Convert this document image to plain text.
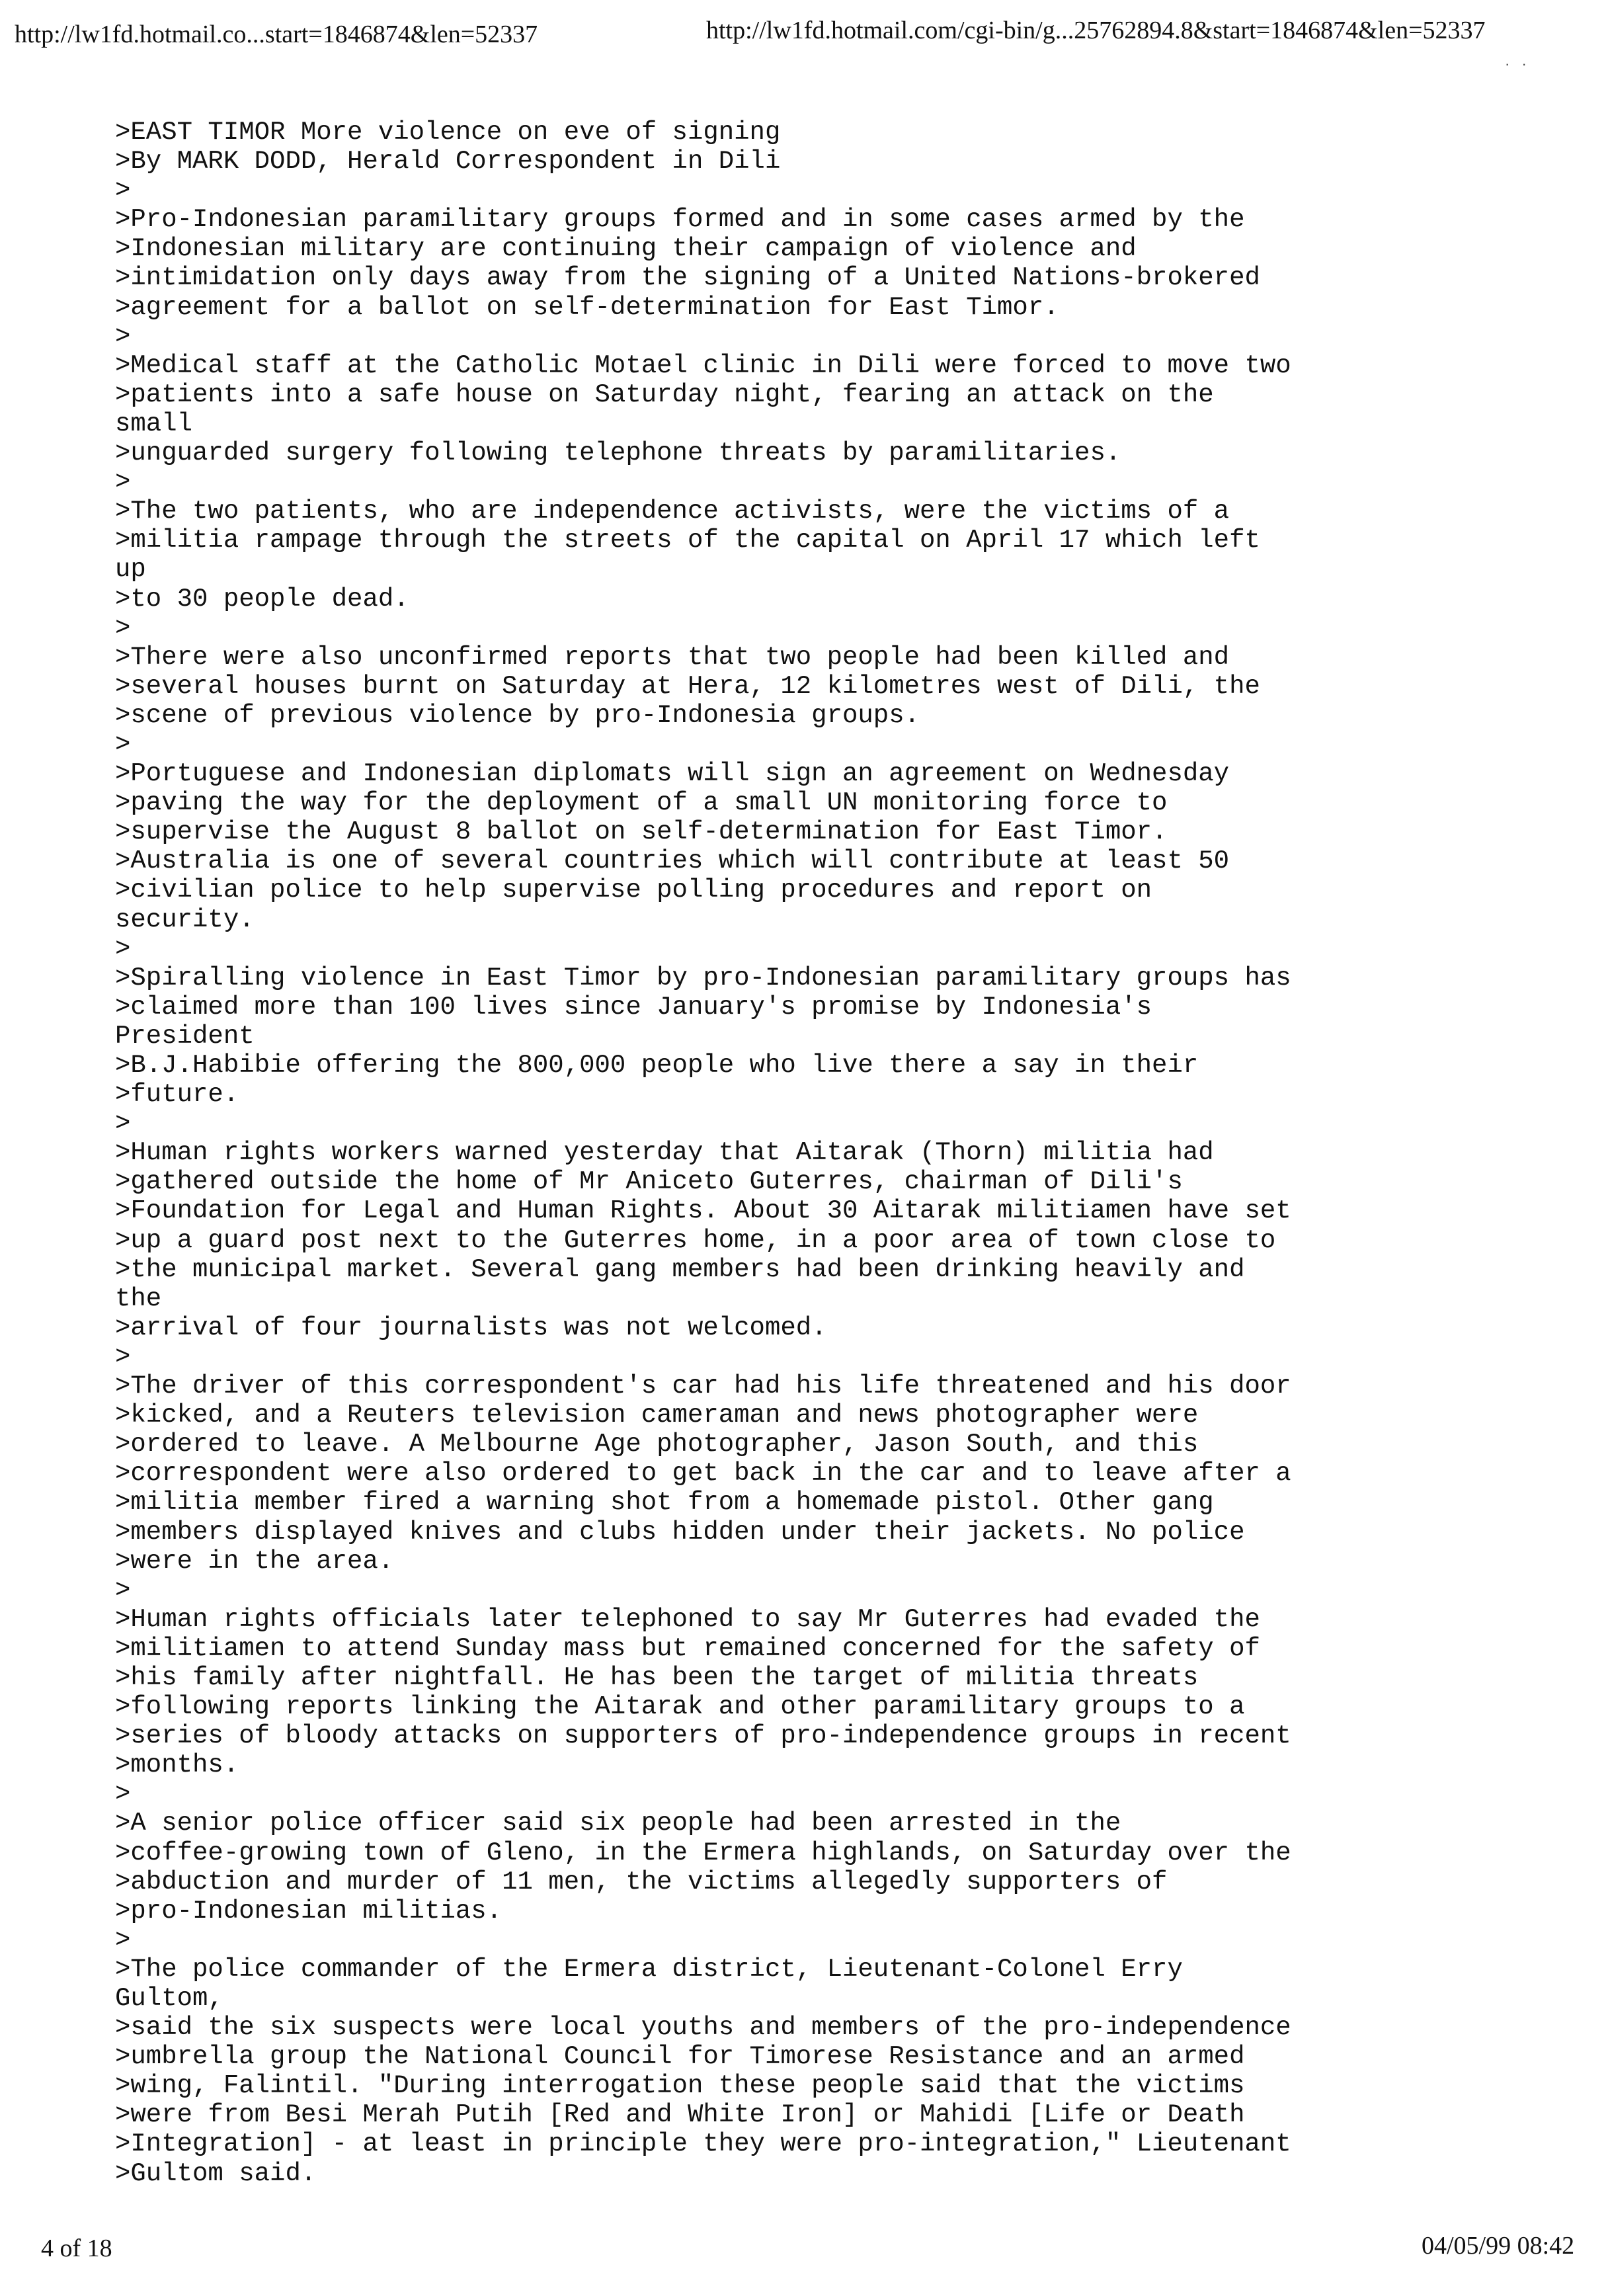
http://lw1fd.hotmail.co...start=1846874&len=52337	http://lw1fd.hotmail.com/cgi-bin/g...25762894.8&start=1846874&len=52337
· ·
>EAST TIMOR More violence on eve of signing
>By MARK DODD, Herald Correspondent in Dili
>
>Pro-Indonesian paramilitary groups formed and in some cases armed by the
>Indonesian military are continuing their campaign of violence and
>intimidation only days away from the signing of a United Nations-brokered
>agreement for a ballot on self-determination for East Timor.
>
>Medical staff at the Catholic Motael clinic in Dili were forced to move two
>patients into a safe house on Saturday night, fearing an attack on the
small
>unguarded surgery following telephone threats by paramilitaries.
>
>The two patients, who are independence activists, were the victims of a
>militia rampage through the streets of the capital on April 17 which left
up
>to 30 people dead.
>
>There were also unconfirmed reports that two people had been killed and
>several houses burnt on Saturday at Hera, 12 kilometres west of Dili, the
>scene of previous violence by pro-Indonesia groups.
>
>Portuguese and Indonesian diplomats will sign an agreement on Wednesday
>paving the way for the deployment of a small UN monitoring force to
>supervise the August 8 ballot on self-determination for East Timor.
>Australia is one of several countries which will contribute at least 50
>civilian police to help supervise polling procedures and report on
security.
>
>Spiralling violence in East Timor by pro-Indonesian paramilitary groups has
>claimed more than 100 lives since January's promise by Indonesia's
President
>B.J.Habibie offering the 800,000 people who live there a say in their
>future.
>
>Human rights workers warned yesterday that Aitarak (Thorn) militia had
>gathered outside the home of Mr Aniceto Guterres, chairman of Dili's
>Foundation for Legal and Human Rights. About 30 Aitarak militiamen have set
>up a guard post next to the Guterres home, in a poor area of town close to
>the municipal market. Several gang members had been drinking heavily and
the
>arrival of four journalists was not welcomed.
>
>The driver of this correspondent's car had his life threatened and his door
>kicked, and a Reuters television cameraman and news photographer were
>ordered to leave. A Melbourne Age photographer, Jason South, and this
>correspondent were also ordered to get back in the car and to leave after a
>militia member fired a warning shot from a homemade pistol. Other gang
>members displayed knives and clubs hidden under their jackets. No police
>were in the area.
>
>Human rights officials later telephoned to say Mr Guterres had evaded the
>militiamen to attend Sunday mass but remained concerned for the safety of
>his family after nightfall. He has been the target of militia threats
>following reports linking the Aitarak and other paramilitary groups to a
>series of bloody attacks on supporters of pro-independence groups in recent
>months.
>
>A senior police officer said six people had been arrested in the
>coffee-growing town of Gleno, in the Ermera highlands, on Saturday over the
>abduction and murder of 11 men, the victims allegedly supporters of
>pro-Indonesian militias.
>
>The police commander of the Ermera district, Lieutenant-Colonel Erry
Gultom,
>said the six suspects were local youths and members of the pro-independence
>umbrella group the National Council for Timorese Resistance and an armed
>wing, Falintil. "During interrogation these people said that the victims
>were from Besi Merah Putih [Red and White Iron] or Mahidi [Life or Death
>Integration] - at least in principle they were pro-integration," Lieutenant
>Gultom said.

4 of 18	04/05/99 08:42
